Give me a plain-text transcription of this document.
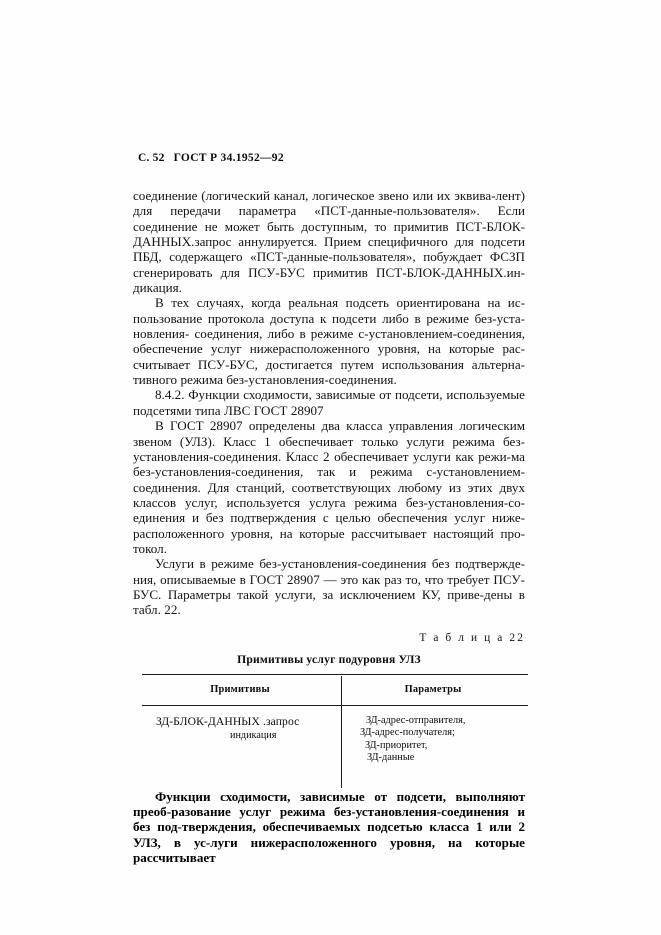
С. 52 ГОСТ Р 34.1952—92

соединение (логический канал, логическое звено или их эквива-лент) для передачи параметра «ПСТ-данные-пользователя». Если соединение не может быть доступным, то примитив ПСТ-БЛОК-ДАННЫХ.запрос аннулируется. Прием специфичного для подсети ПБД, содержащего «ПСТ-данные-пользователя», побуждает ФСЗП сгенерировать для ПСУ-БУС примитив ПСТ-БЛОК-ДАННЫХ.ин-дикация.

В тех случаях, когда реальная подсеть ориентирована на ис-пользование протокола доступа к подсети либо в режиме без-уста-новления- соединения, либо в режиме с-установлением-соединения, обеспечение услуг нижерасположенного уровня, на которые рас-считывает ПСУ-БУС, достигается путем использования альтерна-тивного режима без-установления-соединения.

8.4.2. Функции сходимости, зависимые от подсети, используемые подсетями типа ЛВС ГОСТ 28907

В ГОСТ 28907 определены два класса управления логическим звеном (УЛЗ). Класс 1 обеспечивает только услуги режима без-установления-соединения. Класс 2 обеспечивает услуги как режи-ма без-установления-соединения, так и режима с-установлением-соединения. Для станций, соответствующих любому из этих двух классов услуг, используется услуга режима без-установления-со-единения и без подтверждения с целью обеспечения услуг ниже-расположенного уровня, на которые рассчитывает настоящий про-токол.

Услуги в режиме без-установления-соединения без подтвержде-ния, описываемые в ГОСТ 28907 — это как раз то, что требует ПСУ-БУС. Параметры такой услуги, за исключением КУ, приве-дены в табл. 22.

Т а б л и ц а 22

Примитивы услуг подуровня УЛЗ

Примитивы	Параметры
ЗД-БЛОК-ДАННЫХ .запрос
индикация
ЗД-адрес-отправителя,
ЗД-адрес-получателя;
ЗД-приоритет,
ЗД-данные

Функции сходимости, зависимые от подсети, выполняют преоб-разование услуг режима без-установления-соединения и без под-тверждения, обеспечиваемых подсетью класса 1 или 2 УЛЗ, в ус-луги нижерасположенного уровня, на которые рассчитывает
